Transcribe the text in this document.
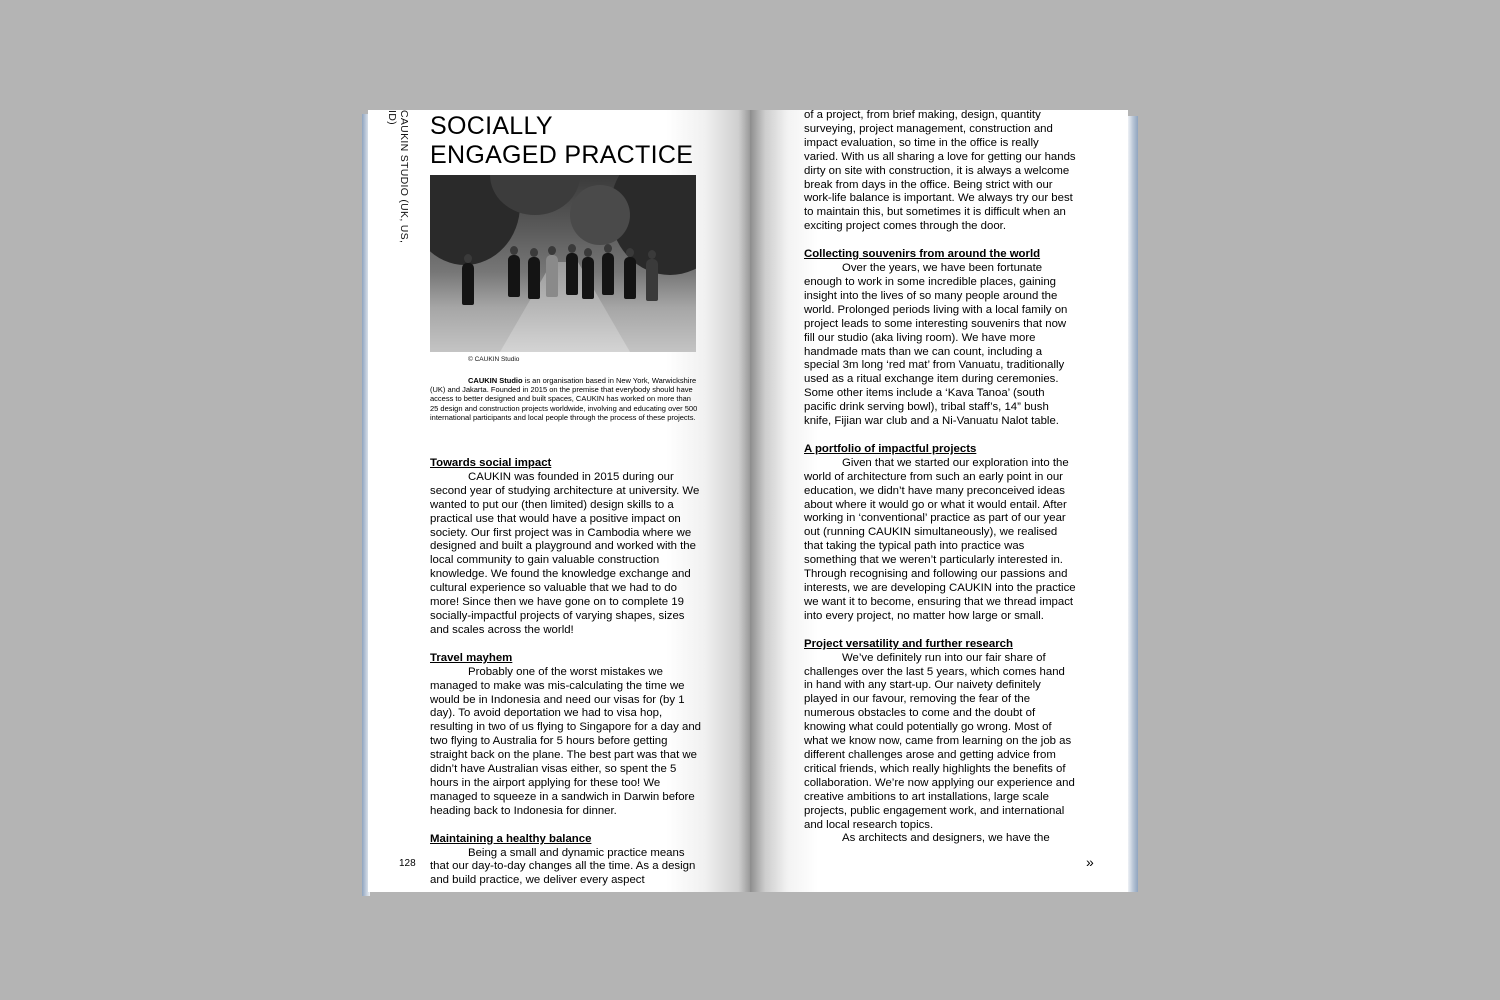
CAUKIN STUDIO (UK, US, ID)	SOCIALLY
ENGAGED PRACTICE
© CAUKIN Studio

CAUKIN Studio is an organisation based in New York, Warwickshire (UK) and Jakarta. Founded in 2015 on the premise that everybody should have access to better designed and built spaces, CAUKIN has worked on more than 25 design and construction projects worldwide, involving and educating over 500 international participants and local people through the process of these projects.

Towards social impact

CAUKIN was founded in 2015 during our second year of studying architecture at university. We wanted to put our (then limited) design skills to a practical use that would have a positive impact on society. Our first project was in Cambodia where we designed and built a playground and worked with the local community to gain valuable construction knowledge. We found the knowledge exchange and cultural experience so valuable that we had to do more! Since then we have gone on to complete 19 socially-impactful projects of varying shapes, sizes and scales across the world!

Travel mayhem

Probably one of the worst mistakes we managed to make was mis-calculating the time we would be in Indonesia and need our visas for (by 1 day). To avoid deportation we had to visa hop, resulting in two of us flying to Singapore for a day and two flying to Australia for 5 hours before getting straight back on the plane. The best part was that we didn’t have Australian visas either, so spent the 5 hours in the airport applying for these too! We managed to squeeze in a sandwich in Darwin before heading back to Indonesia for dinner.

Maintaining a healthy balance

Being a small and dynamic practice means that our day-to-day changes all the time. As a design and build practice, we deliver every aspect

128

of a project, from brief making, design, quantity surveying, project management, construction and impact evaluation, so time in the office is really varied. With us all sharing a love for getting our hands dirty on site with construction, it is always a welcome break from days in the office. Being strict with our work-life balance is important. We always try our best to maintain this, but sometimes it is difficult when an exciting project comes through the door.

Collecting souvenirs from around the world

Over the years, we have been fortunate enough to work in some incredible places, gaining insight into the lives of so many people around the world. Prolonged periods living with a local family on project leads to some interesting souvenirs that now fill our studio (aka living room). We have more handmade mats than we can count, including a special 3m long ‘red mat’ from Vanuatu, traditionally used as a ritual exchange item during ceremonies. Some other items include a ‘Kava Tanoa’ (south pacific drink serving bowl), tribal staff’s, 14” bush knife, Fijian war club and a Ni-Vanuatu Nalot table.

A portfolio of impactful projects

Given that we started our exploration into the world of architecture from such an early point in our education, we didn’t have many preconceived ideas about where it would go or what it would entail. After working in ‘conventional’ practice as part of our year out (running CAUKIN simultaneously), we realised that taking the typical path into practice was something that we weren’t particularly interested in. Through recognising and following our passions and interests, we are developing CAUKIN into the practice we want it to become, ensuring that we thread impact into every project, no matter how large or small.

Project versatility and further research

We’ve definitely run into our fair share of challenges over the last 5 years, which comes hand in hand with any start-up. Our naivety definitely played in our favour, removing the fear of the numerous obstacles to come and the doubt of knowing what could potentially go wrong. Most of what we know now, came from learning on the job as different challenges arose and getting advice from critical friends, which really highlights the benefits of collaboration. We’re now applying our experience and creative ambitions to art installations, large scale projects, public engagement work, and international and local research topics.

As architects and designers, we have the

»
